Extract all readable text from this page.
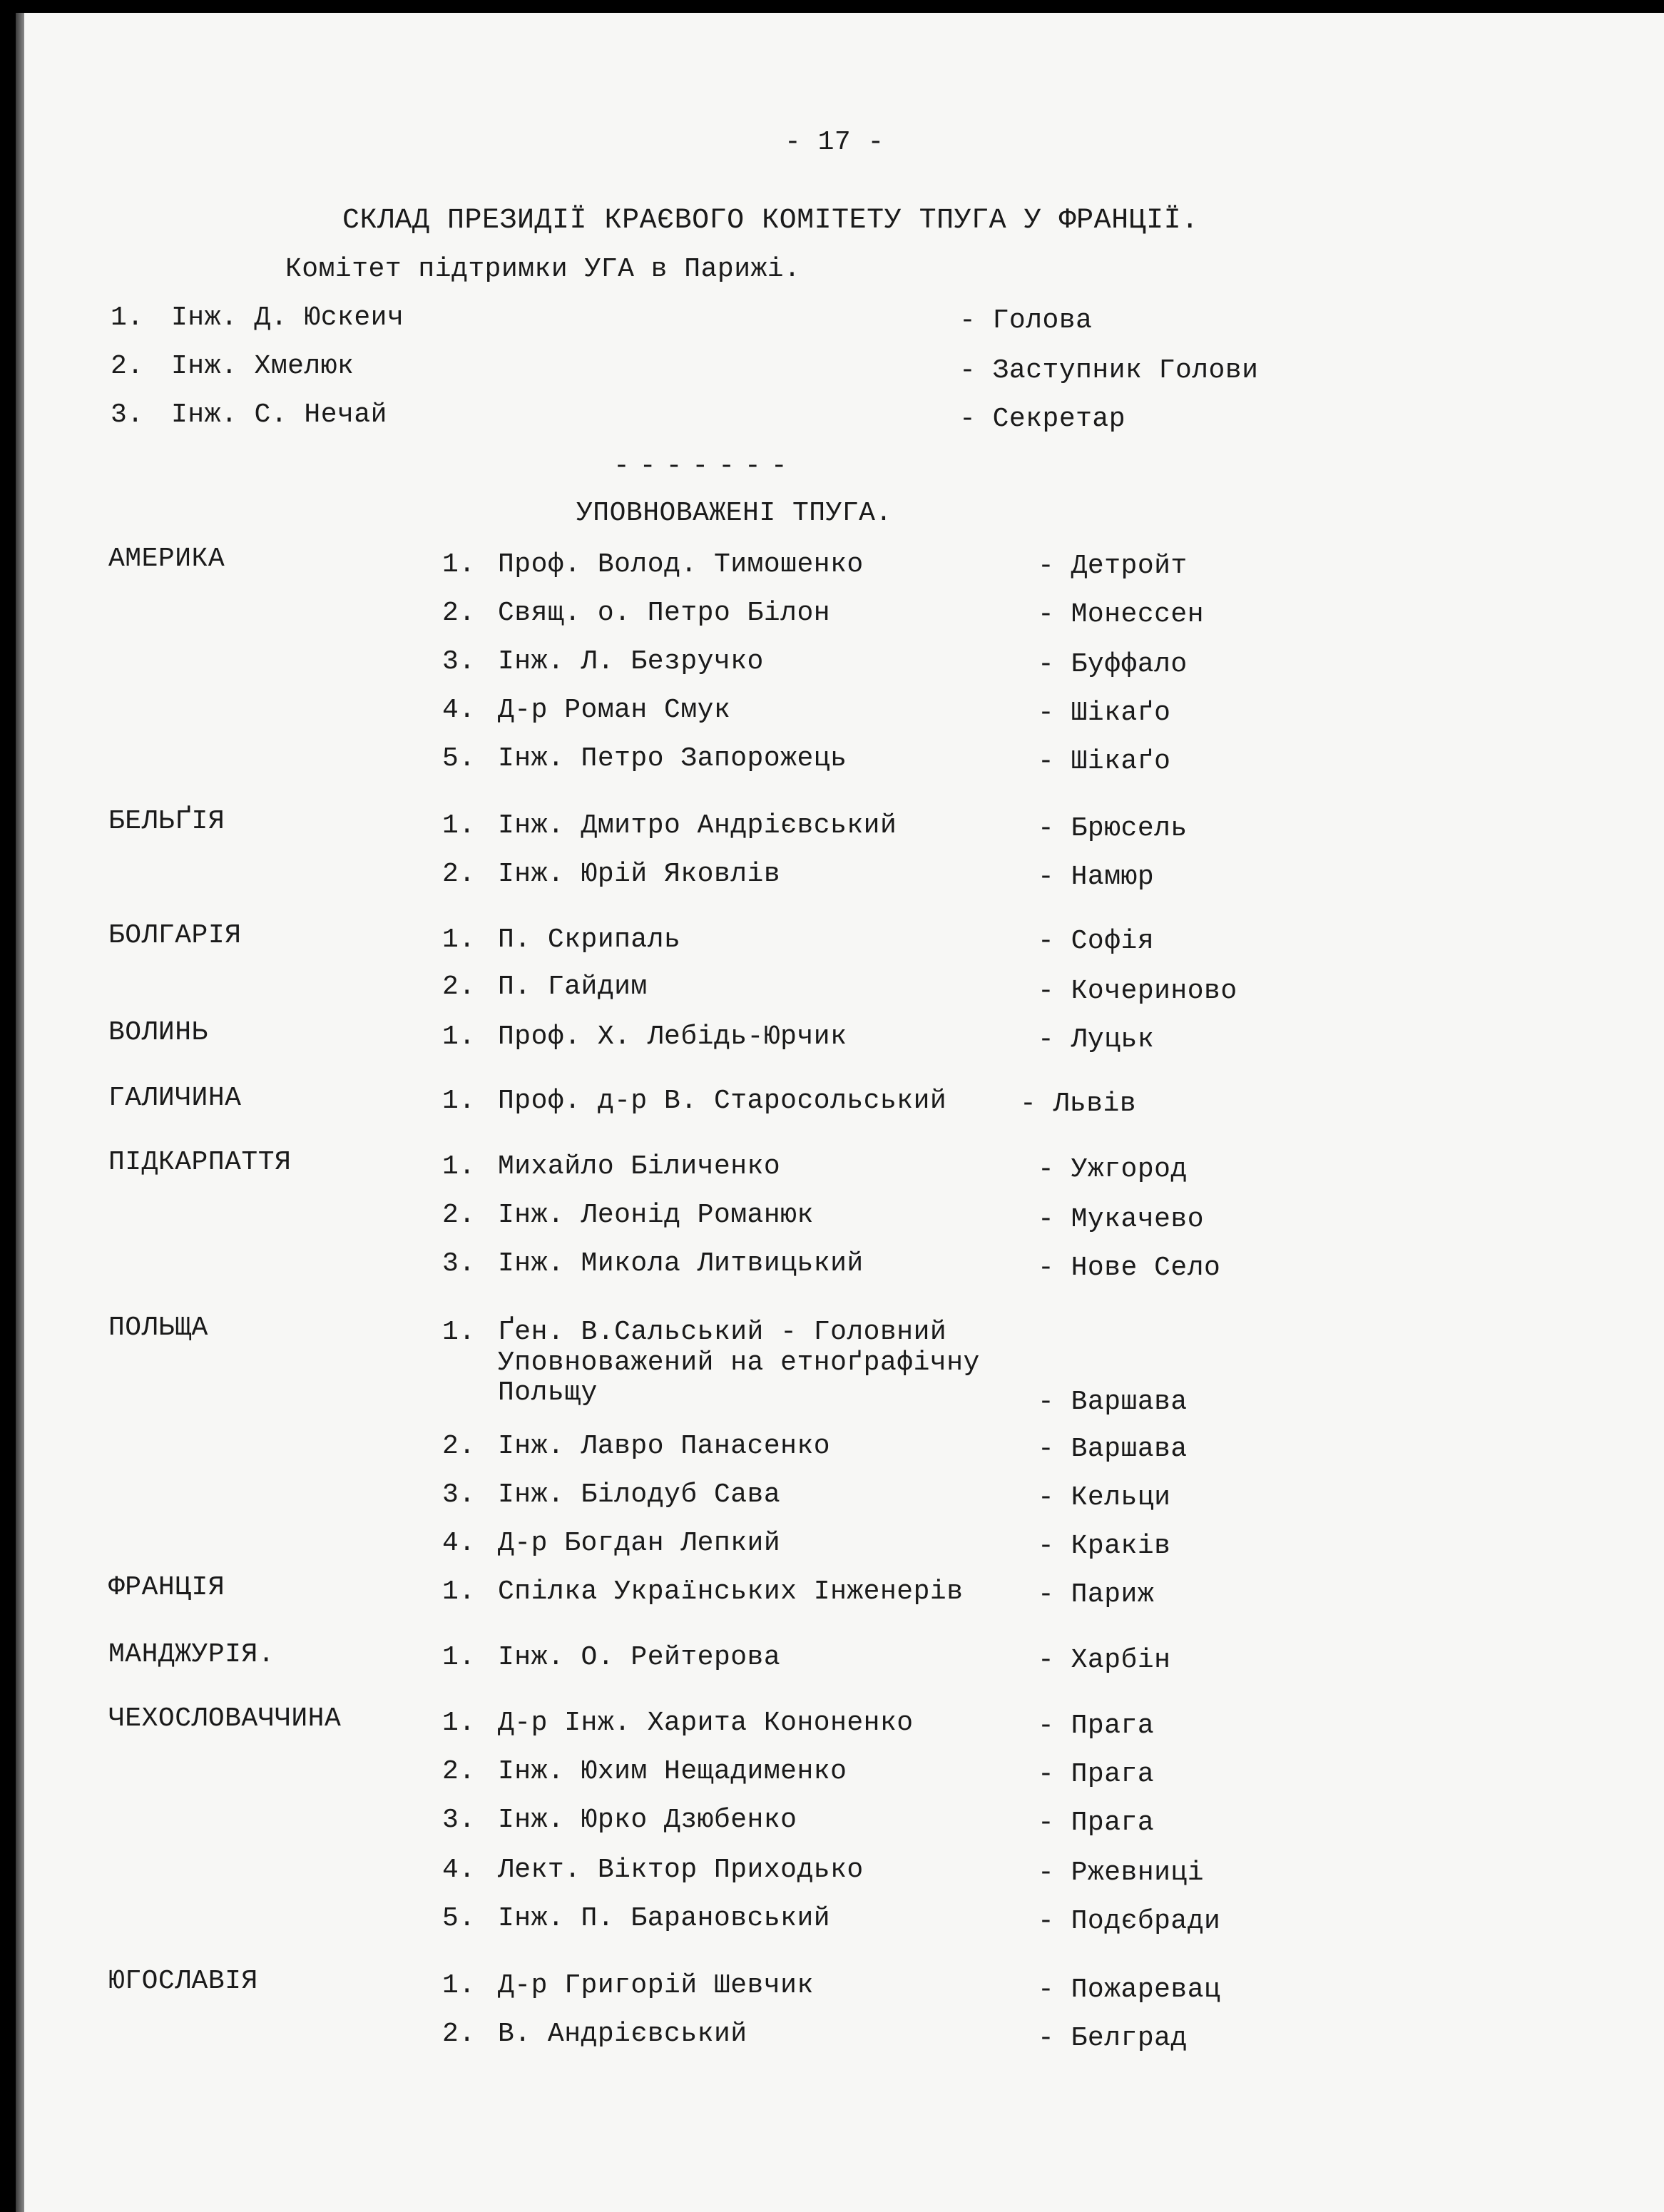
- 17 -
СКЛАД ПРЕЗИДІЇ КРАЄВОГО КОМІТЕТУ ТПУГА У ФРАНЦІЇ.
Комітет підтримки УГА в Парижі.
1. Інж. Д. Юскеич	- Голова
2. Інж. Хмелюк	- Заступник Голови
3. Інж. С. Нечай	- Секретар
-------
УПОВНОВАЖЕНІ ТПУГА.
АМЕРИКА	1. Проф. Волод. Тимошенко	- Детройт
2. Свящ. о. Петро Білон	- Монессен
3. Інж. Л. Безручко	- Буффало
4. Д-р Роман Смук	- Шікаґо
5. Інж. Петро Запорожець	- Шікаґо
БЕЛЬҐІЯ	1. Інж. Дмитро Андрієвський	- Брюсель
2. Інж. Юрій Яковлів	- Намюр
БОЛГАРІЯ	1. П. Скрипаль	- Софія
2. П. Гайдим	- Кочериново
ВОЛИНЬ	1. Проф. Х. Лебідь-Юрчик	- Луцьк
ГАЛИЧИНА	1. Проф. д-р В. Старосольський	- Львів
ПІДКАРПАТТЯ	1. Михайло Біличенко	- Ужгород
2. Інж. Леонід Романюк	- Мукачево
3. Інж. Микола Литвицький	- Нове Село
ПОЛЬЩА	1. Ґен. В.Сальський - Головний
Уповноважений на етноґрафічну Польщу	- Варшава
2. Інж. Лавро Панасенко	- Варшава
3. Інж. Білодуб Сава	- Кельци
4. Д-р Богдан Лепкий	- Краків
ФРАНЦІЯ	1. Спілка Українських Інженерів	- Париж
МАНДЖУРІЯ.	1. Інж. О. Рейтерова	- Харбін
ЧЕХОСЛОВАЧЧИНА	1. Д-р Інж. Харита Кононенко	- Прага
2. Інж. Юхим Нещадименко	- Прага
3. Інж. Юрко Дзюбенко	- Прага
4. Лект. Віктор Приходько	- Ржевниці
5. Інж. П. Барановський	- Подєбради
ЮГОСЛАВІЯ	1. Д-р Григорій Шевчик	- Пожаревац
2. В. Андрієвський	- Белград
